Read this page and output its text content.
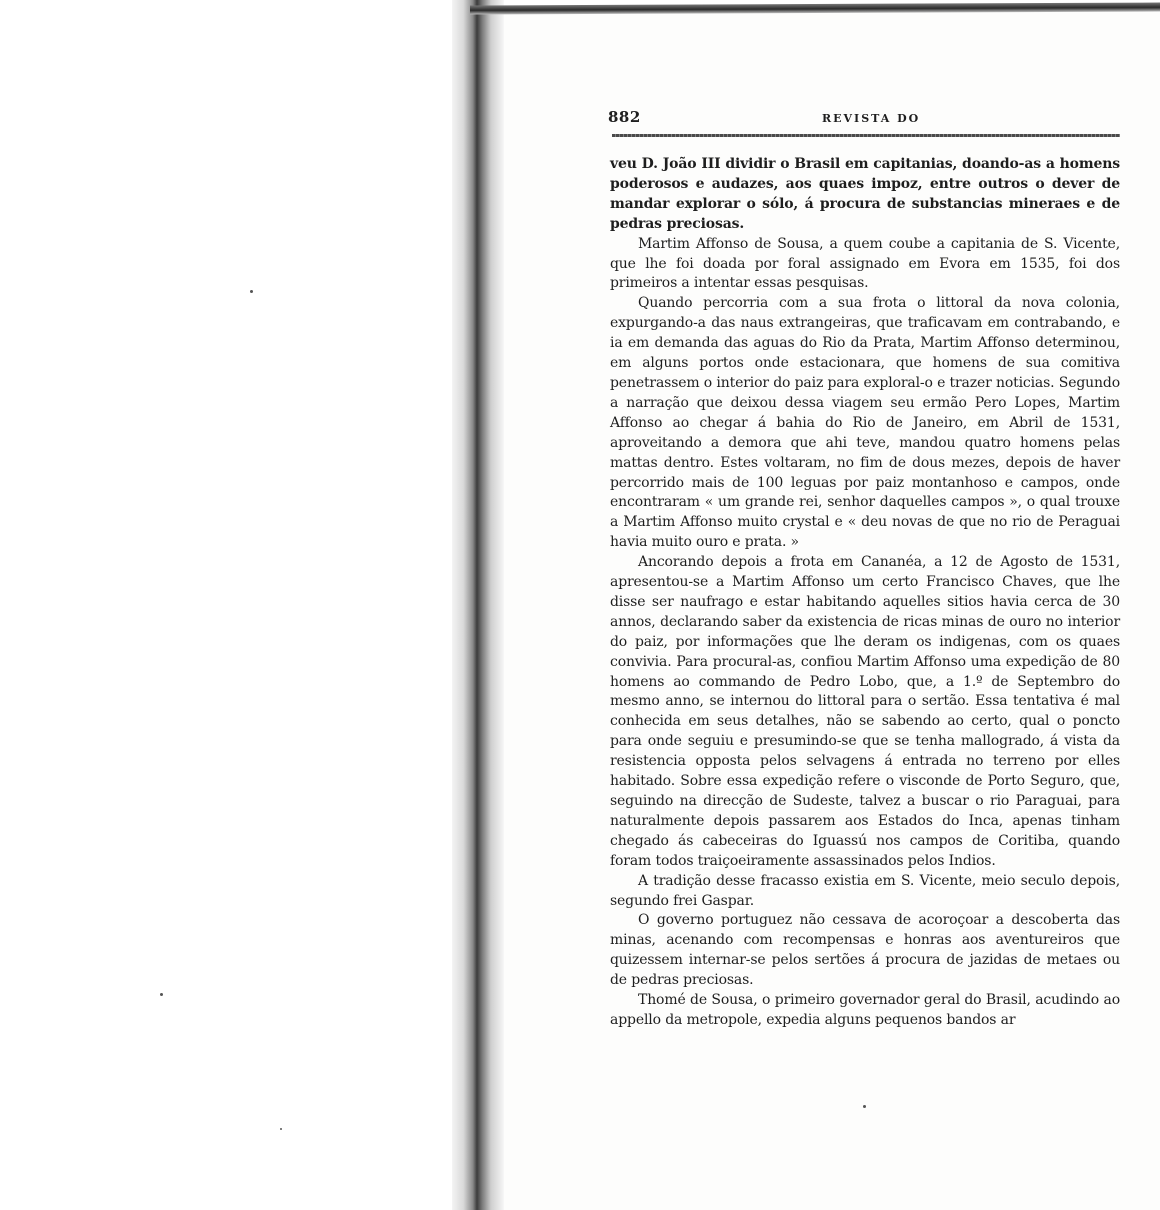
882	REVISTA DO

veu D. João III dividir o Brasil em capitanias, doando-as a homens poderosos e audazes, aos quaes impoz, entre outros o dever de mandar explorar o sólo, á procura de substancias mineraes e de pedras preciosas.

Martim Affonso de Sousa, a quem coube a capitania de S. Vicente, que lhe foi doada por foral assignado em Evora em 1535, foi dos primeiros a intentar essas pesquisas.

Quando percorria com a sua frota o littoral da nova colonia, expurgando-a das naus extrangeiras, que traficavam em contrabando, e ia em demanda das aguas do Rio da Prata, Martim Affonso determinou, em alguns portos onde estacionara, que homens de sua comitiva penetrassem o interior do paiz para exploral-o e trazer noticias. Segundo a narração que deixou dessa viagem seu ermão Pero Lopes, Martim Affonso ao chegar á bahia do Rio de Janeiro, em Abril de 1531, aproveitando a demora que ahi teve, mandou quatro homens pelas mattas dentro. Estes voltaram, no fim de dous mezes, depois de haver percorrido mais de 100 leguas por paiz montanhoso e campos, onde encontraram « um grande rei, senhor daquelles campos », o qual trouxe a Martim Affonso muito crystal e « deu novas de que no rio de Peraguai havia muito ouro e prata. »

Ancorando depois a frota em Cananéa, a 12 de Agosto de 1531, apresentou-se a Martim Affonso um certo Francisco Chaves, que lhe disse ser naufrago e estar habitando aquelles sitios havia cerca de 30 annos, declarando saber da existencia de ricas minas de ouro no interior do paiz, por informações que lhe deram os indigenas, com os quaes convivia. Para procural-as, confiou Martim Affonso uma expedição de 80 homens ao commando de Pedro Lobo, que, a 1.º de Septembro do mesmo anno, se internou do littoral para o sertão. Essa tentativa é mal conhecida em seus detalhes, não se sabendo ao certo, qual o poncto para onde seguiu e presumindo-se que se tenha mallogrado, á vista da resistencia opposta pelos selvagens á entrada no terreno por elles habitado. Sobre essa expedição refere o visconde de Porto Seguro, que, seguindo na direcção de Sudeste, talvez a buscar o rio Paraguai, para naturalmente depois passarem aos Estados do Inca, apenas tinham chegado ás cabeceiras do Iguassú nos campos de Coritiba, quando foram todos traiçoeiramente assassinados pelos Indios.

A tradição desse fracasso existia em S. Vicente, meio seculo depois, segundo frei Gaspar.

O governo portuguez não cessava de acoroçoar a descoberta das minas, acenando com recompensas e honras aos aventureiros que quizessem internar-se pelos sertões á procura de jazidas de metaes ou de pedras preciosas.

Thomé de Sousa, o primeiro governador geral do Brasil, acudindo ao appello da metropole, expedia alguns pequenos bandos ar
